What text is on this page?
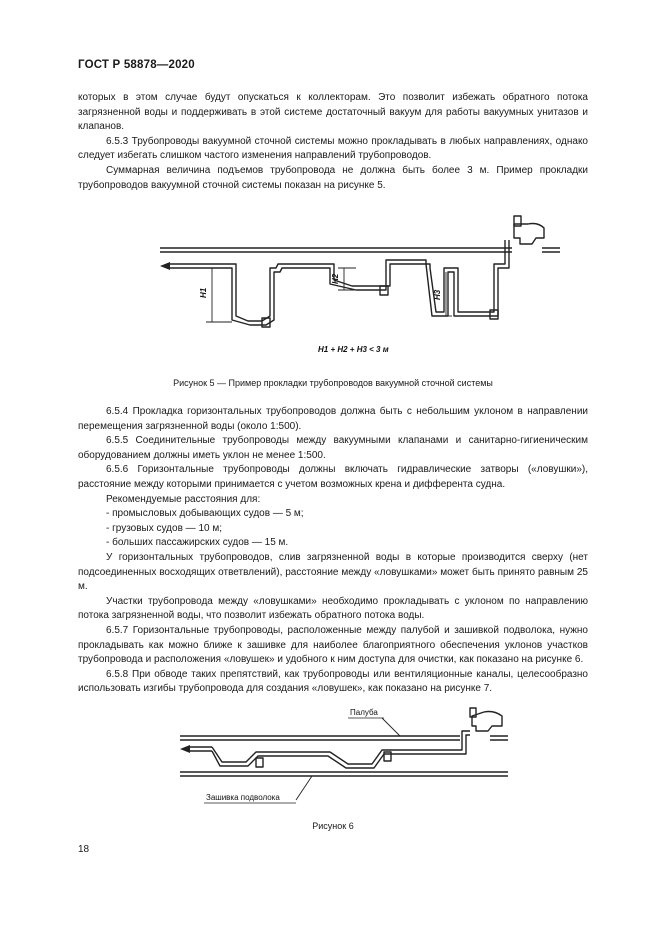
ГОСТ Р 58878—2020

которых в этом случае будут опускаться к коллекторам. Это позволит избежать обратного потока загрязненной воды и поддерживать в этой системе достаточный вакуум для работы вакуумных унитазов и клапанов.

6.5.3 Трубопроводы вакуумной сточной системы можно прокладывать в любых направлениях, однако следует избегать слишком частого изменения направлений трубопроводов.

Суммарная величина подъемов трубопровода не должна быть более 3 м. Пример прокладки трубопроводов вакуумной сточной системы показан на рисунке 5.

H1
H2
H3
H1 + H2 + H3 < 3 м
Рисунок 5 — Пример прокладки трубопроводов вакуумной сточной системы

6.5.4 Прокладка горизонтальных трубопроводов должна быть с небольшим уклоном в направлении перемещения загрязненной воды (около 1:500).

6.5.5 Соединительные трубопроводы между вакуумными клапанами и санитарно-гигиеническим оборудованием должны иметь уклон не менее 1:500.

6.5.6 Горизонтальные трубопроводы должны включать гидравлические затворы («ловушки»), расстояние между которыми принимается с учетом возможных крена и дифферента судна.

Рекомендуемые расстояния для:

- промысловых добывающих судов — 5 м;

- грузовых судов — 10 м;

- больших пассажирских судов — 15 м.

У горизонтальных трубопроводов, слив загрязненной воды в которые производится сверху (нет подсоединенных восходящих ответвлений), расстояние между «ловушками» может быть принято равным 25 м.

Участки трубопровода между «ловушками» необходимо прокладывать с уклоном по направлению потока загрязненной воды, что позволит избежать обратного потока воды.

6.5.7 Горизонтальные трубопроводы, расположенные между палубой и зашивкой подволока, нужно прокладывать как можно ближе к зашивке для наиболее благоприятного обеспечения уклонов участков трубопровода и расположения «ловушек» и удобного к ним доступа для очистки, как показано на рисунке 6.

6.5.8 При обводе таких препятствий, как трубопроводы или вентиляционные каналы, целесообразно использовать изгибы трубопровода для создания «ловушек», как показано на рисунке 7.

Палуба
Зашивка подволока
Рисунок 6
18
